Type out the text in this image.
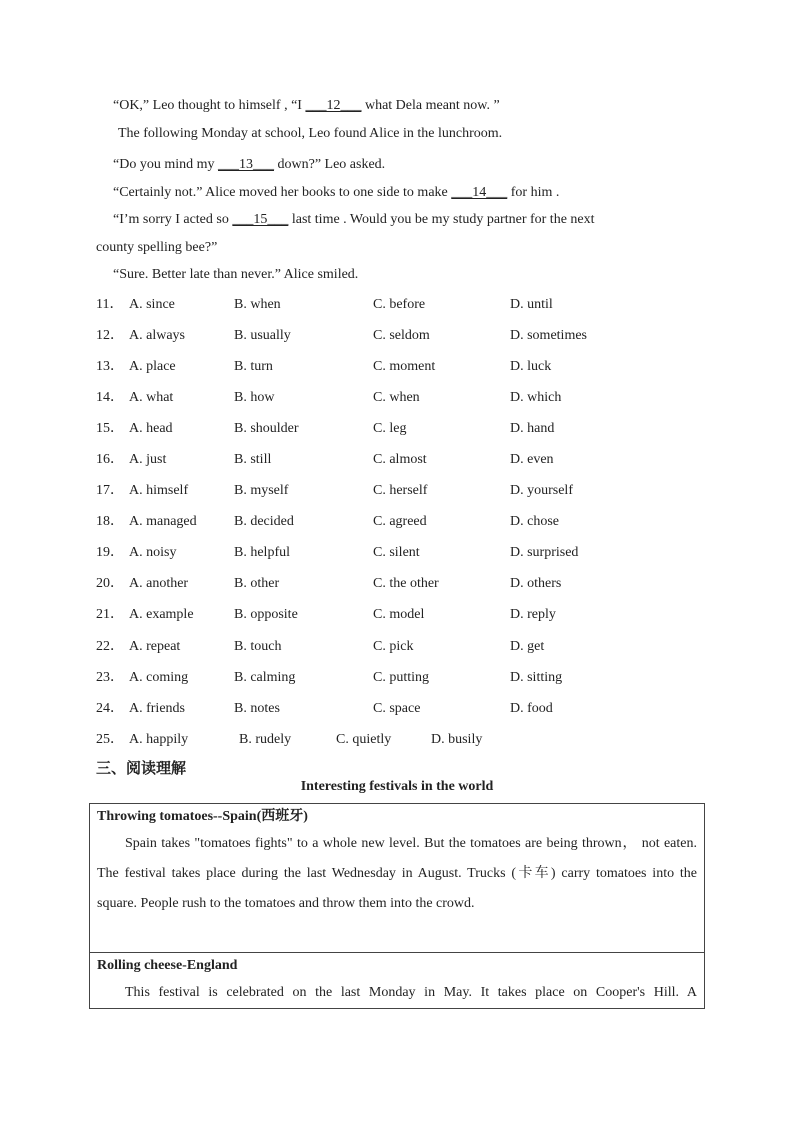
“OK,” Leo thought to himself , “I ___12___ what Dela meant now. ”
The following Monday at school, Leo found Alice in the lunchroom.
“Do you mind my ___13___ down?” Leo asked.
“Certainly not.” Alice moved her books to one side to make ___14___ for him .
“I’m sorry I acted so ___15___ last time . Would you be my study partner for the next
county spelling bee?”
“Sure. Better late than never.” Alice smiled.
11． A. since	B. when	C. before	D. until
12． A. always	B. usually	C. seldom	D. sometimes
13． A. place	B. turn	C. moment	D. luck
14． A. what	B. how	C. when	D. which
15． A. head	B. shoulder	C. leg	D. hand
16． A. just	B. still	C. almost	D. even
17． A. himself	B. myself	C. herself	D. yourself
18． A. managed	B. decided	C. agreed	D. chose
19． A. noisy	B. helpful	C. silent	D. surprised
20． A. another	B. other	C. the other	D. others
21． A. example	B. opposite	C. model	D. reply
22． A. repeat	B. touch	C. pick	D. get
23． A. coming	B. calming	C. putting	D. sitting
24． A. friends	B. notes	C. space	D. food
25． A. happily	B. rudely	C. quietly	D. busily
三、阅读理解
Interesting festivals in the world
Throwing tomatoes--Spain(西班牙)
Spain takes "tomatoes fights" to a whole new level. But the tomatoes are being thrown， not eaten. The festival takes place during the last Wednesday in August. Trucks (卡车) carry tomatoes into the square. People rush to the tomatoes and throw them into the crowd.

Rolling cheese-England
This festival is celebrated on the last Monday in May. It takes place on Cooper's Hill. A
